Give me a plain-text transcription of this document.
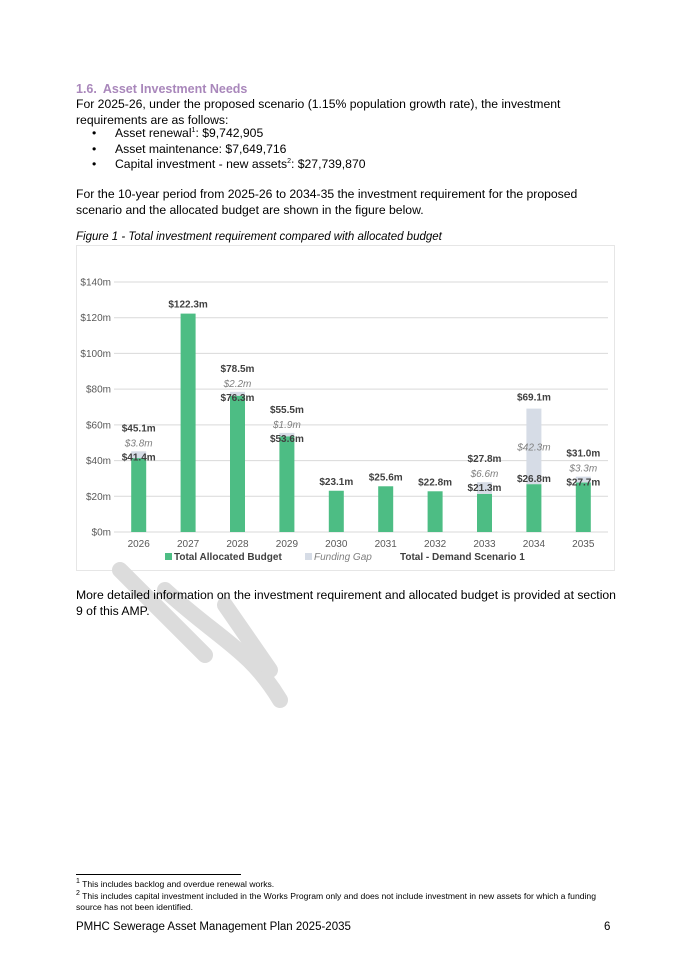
1.6. Asset Investment Needs

For 2025-26, under the proposed scenario (1.15% population growth rate), the investment requirements are as follows:

• Asset renewal$^1$: $9,742,905
• Asset maintenance: $7,649,716
• Capital investment - new assets$^2$: $27,739,870

For the 10-year period from 2025-26 to 2034-35 the investment requirement for the proposed scenario and the allocated budget are shown in the figure below.

Figure 1 - Total investment requirement compared with allocated budget

$0m
$20m
$40m
$60m
$80m
$100m
$120m
$140m
2026
$45.1m
$3.8m
$41.4m
2027
$122.3m
2028
$78.5m
$2.2m
$76.3m
2029
$55.5m
$1.9m
$53.6m
2030
$23.1m
2031
$25.6m
2032
$22.8m
2033
$27.8m
$6.6m
$21.3m
2034
$69.1m
$42.3m
$26.8m
2035
$31.0m
$3.3m
$27.7m
Total Allocated Budget	Funding Gap	Total - Demand Scenario 1

More detailed information on the investment requirement and allocated budget is provided at section 9 of this AMP.

$^1$ This includes backlog and overdue renewal works.

$^2$ This includes capital investment included in the Works Program only and does not include investment in new assets for which a funding source has not been identified.

PMHC Sewerage Asset Management Plan 2025-2035	6
